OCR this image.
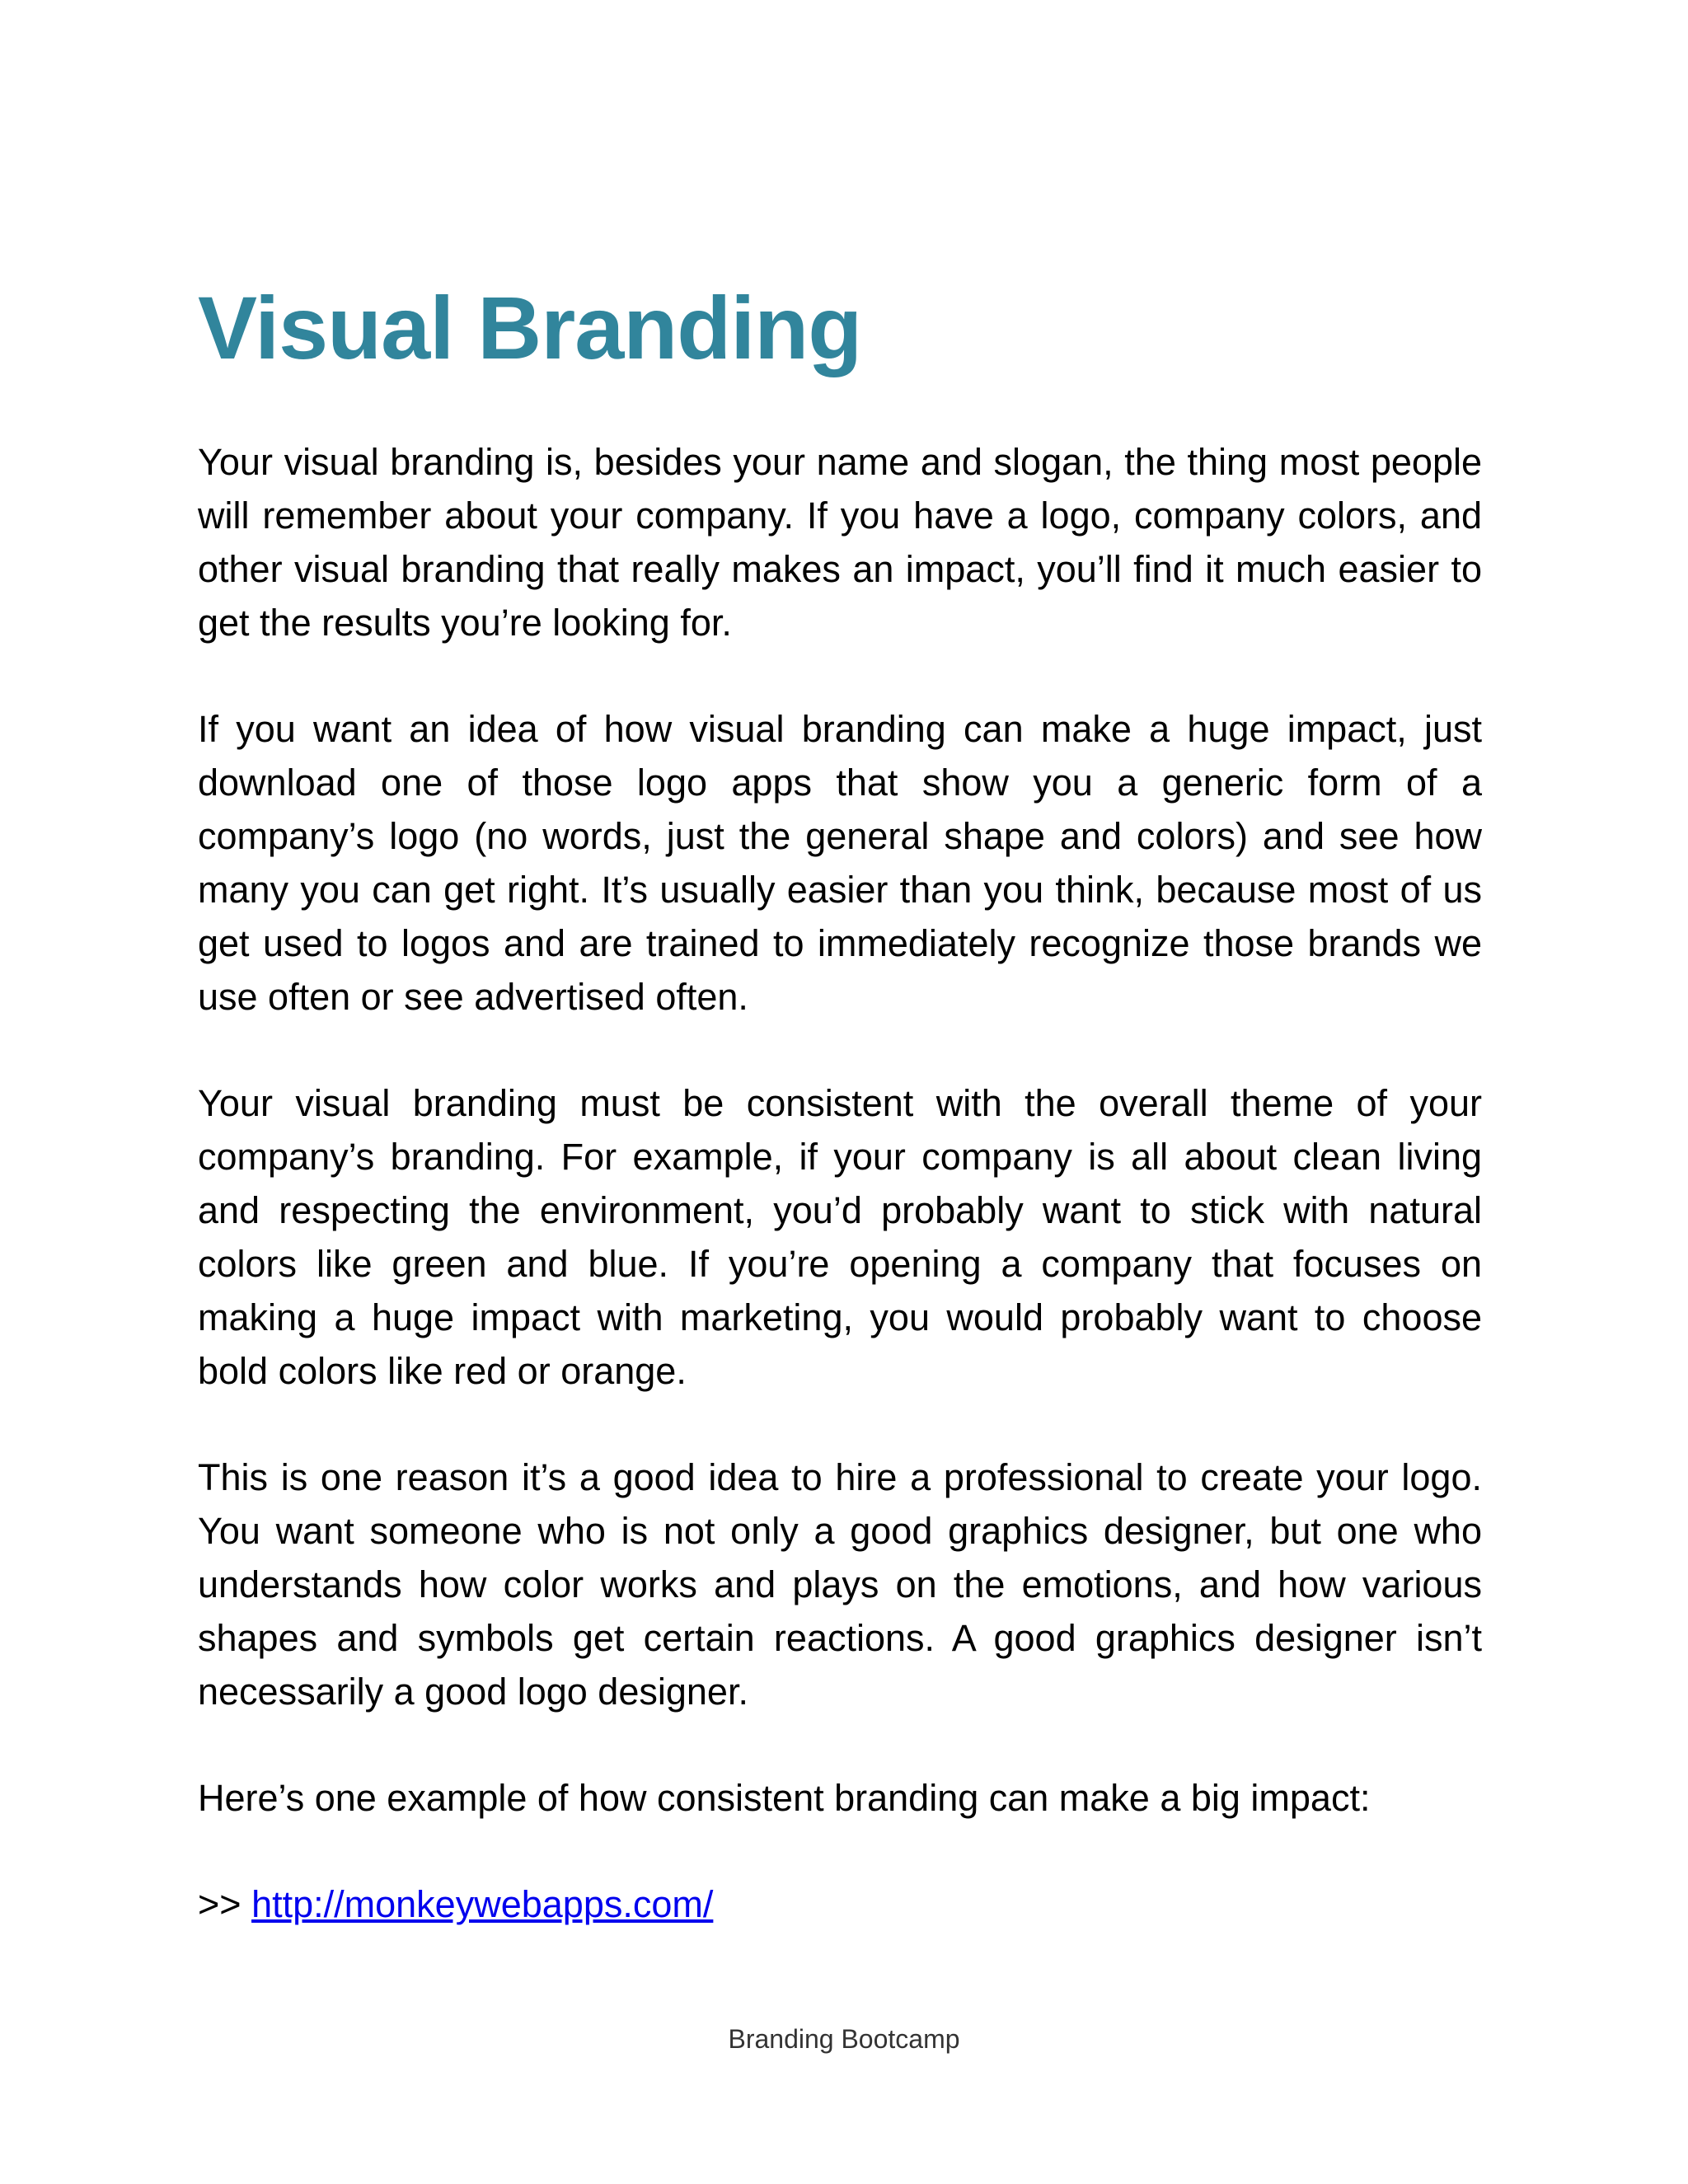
Visual Branding

Your visual branding is, besides your name and slogan, the thing most people will remember about your company. If you have a logo, company colors, and other visual branding that really makes an impact, you’ll find it much easier to get the results you’re looking for.

If you want an idea of how visual branding can make a huge impact, just download one of those logo apps that show you a generic form of a company’s logo (no words, just the general shape and colors) and see how many you can get right. It’s usually easier than you think, because most of us get used to logos and are trained to immediately recognize those brands we use often or see advertised often.

Your visual branding must be consistent with the overall theme of your company’s branding. For example, if your company is all about clean living and respecting the environment, you’d probably want to stick with natural colors like green and blue. If you’re opening a company that focuses on making a huge impact with marketing, you would probably want to choose bold colors like red or orange.

This is one reason it’s a good idea to hire a professional to create your logo. You want someone who is not only a good graphics designer, but one who understands how color works and plays on the emotions, and how various shapes and symbols get certain reactions. A good graphics designer isn’t necessarily a good logo designer.

Here’s one example of how consistent branding can make a big impact:

>> http://monkeywebapps.com/

Branding Bootcamp
